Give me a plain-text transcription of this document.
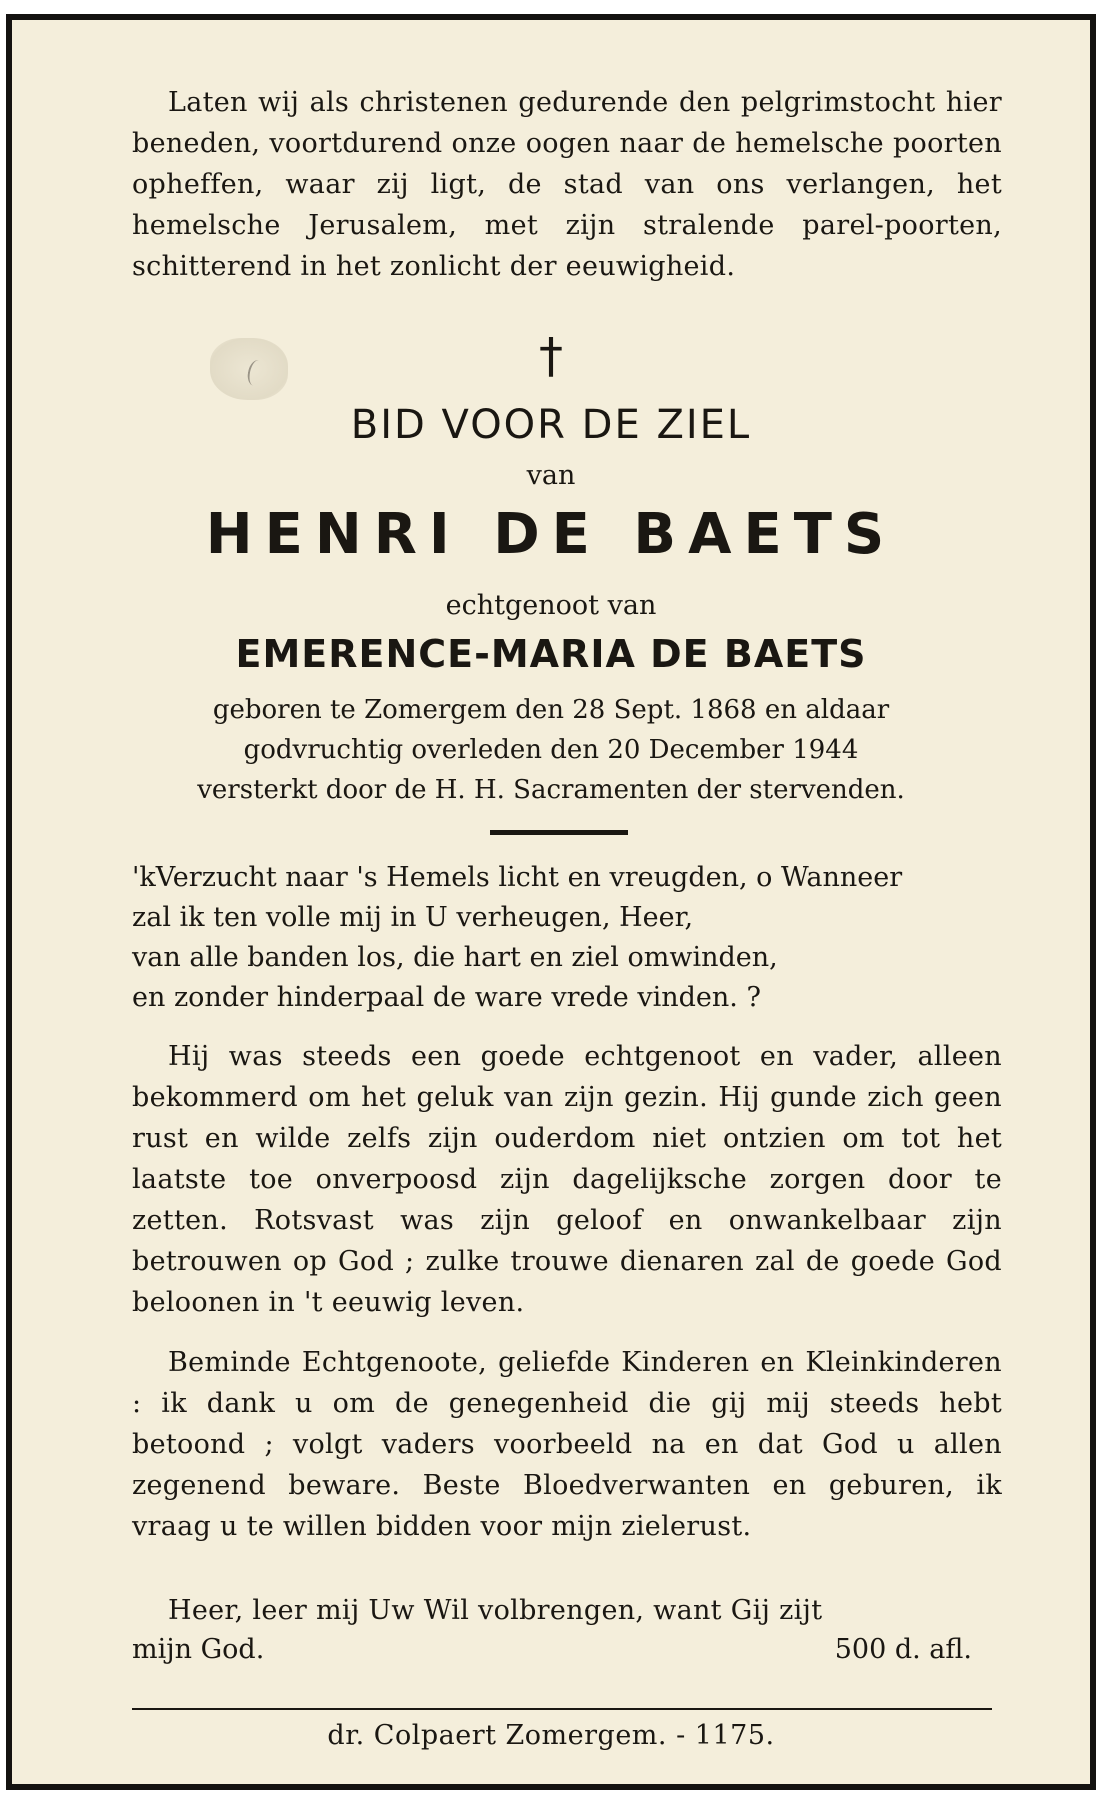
Laten wij als christenen gedurende den pelgrimstocht hier beneden, voortdurend onze oogen naar de hemelsche poorten opheffen, waar zij ligt, de stad van ons verlangen, het hemelsche Jerusalem, met zijn stralende parel-poorten, schitterend in het zonlicht der eeuwigheid.

†
BID VOOR DE ZIEL
van
HENRI DE BAETS
echtgenoot van
EMERENCE-MARIA DE BAETS
geboren te Zomergem den 28 Sept. 1868 en aldaar
godvruchtig overleden den 20 December 1944
versterkt door de H. H. Sacramenten der stervenden.
'kVerzucht naar 's Hemels licht en vreugden, o Wanneer
zal ik ten volle mij in U verheugen, Heer,
van alle banden los, die hart en ziel omwinden,
en zonder hinderpaal de ware vrede vinden. ?

Hij was steeds een goede echtgenoot en vader, alleen bekommerd om het geluk van zijn gezin. Hij gunde zich geen rust en wilde zelfs zijn ouderdom niet ontzien om tot het laatste toe onverpoosd zijn dagelijksche zorgen door te zetten. Rotsvast was zijn geloof en onwankelbaar zijn betrouwen op God ; zulke trouwe dienaren zal de goede God beloonen in 't eeuwig leven.

Beminde Echtgenoote, geliefde Kinderen en Kleinkinderen : ik dank u om de genegenheid die gij mij steeds hebt betoond ; volgt vaders voorbeeld na en dat God u allen zegenend beware. Beste Bloedverwanten en geburen, ik vraag u te willen bidden voor mijn zielerust.

Heer, leer mij Uw Wil volbrengen, want Gij zijt

mijn God.	500 d. afl.
dr. Colpaert Zomergem. - 1175.
